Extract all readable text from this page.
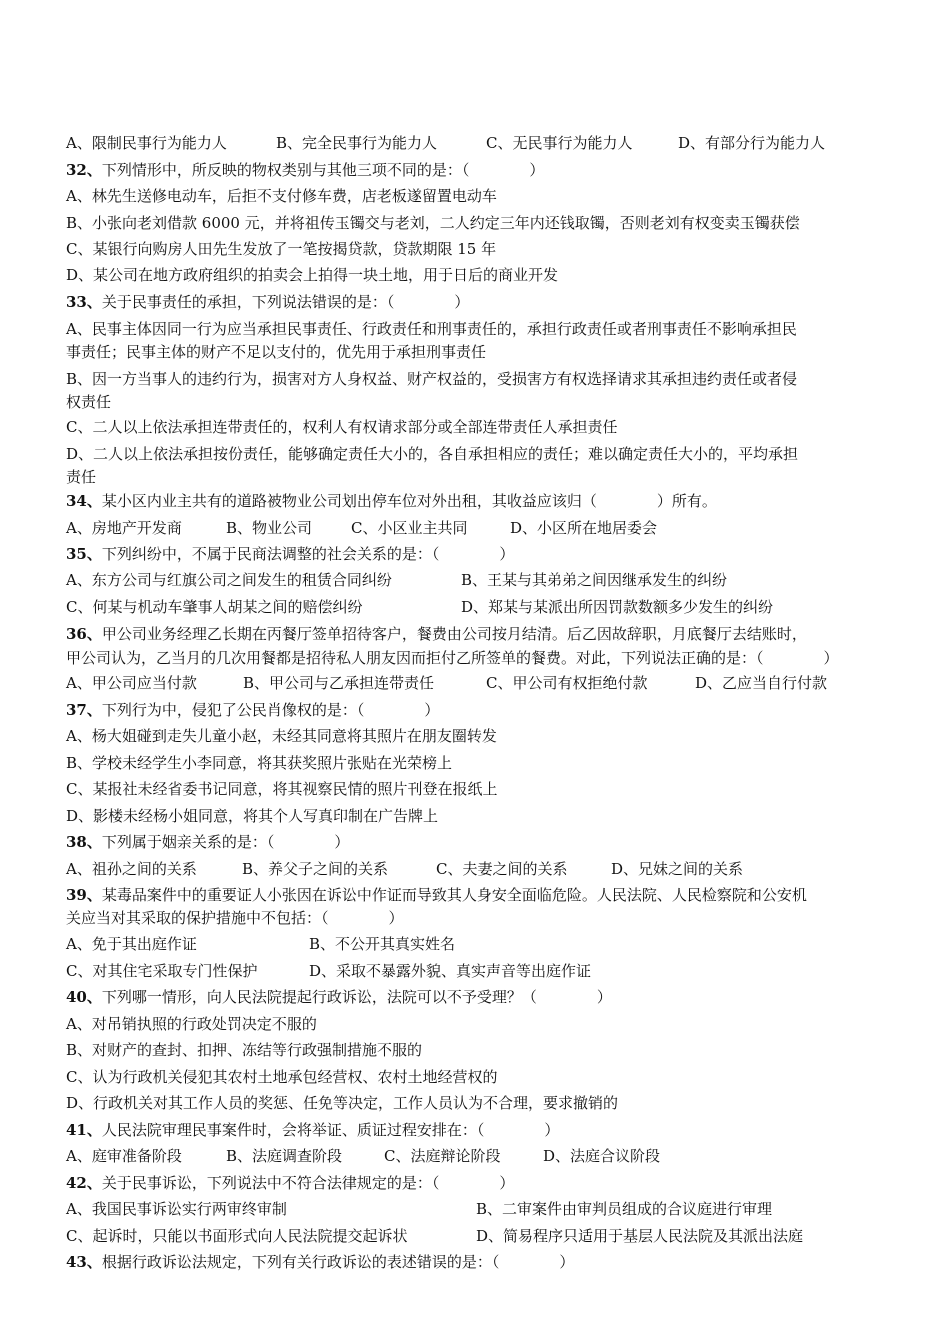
A、限制民事行为能力人	B、完全民事行为能力人	C、无民事行为能力人	D、有部分行为能力人
32、下列情形中，所反映的物权类别与其他三项不同的是：（　　　　）
A、林先生送修电动车，后拒不支付修车费，店老板遂留置电动车
B、小张向老刘借款 6000 元，并将祖传玉镯交与老刘，二人约定三年内还钱取镯，否则老刘有权变卖玉镯获偿
C、某银行向购房人田先生发放了一笔按揭贷款，贷款期限 15 年
D、某公司在地方政府组织的拍卖会上拍得一块土地，用于日后的商业开发
33、关于民事责任的承担，下列说法错误的是：（　　　　）
A、民事主体因同一行为应当承担民事责任、行政责任和刑事责任的，承担行政责任或者刑事责任不影响承担民
事责任；民事主体的财产不足以支付的，优先用于承担刑事责任
B、因一方当事人的违约行为，损害对方人身权益、财产权益的，受损害方有权选择请求其承担违约责任或者侵
权责任
C、二人以上依法承担连带责任的，权利人有权请求部分或全部连带责任人承担责任
D、二人以上依法承担按份责任，能够确定责任大小的，各自承担相应的责任；难以确定责任大小的，平均承担
责任
34、某小区内业主共有的道路被物业公司划出停车位对外出租，其收益应该归（　　　　）所有。
A、房地产开发商	B、物业公司	C、小区业主共同	D、小区所在地居委会
35、下列纠纷中，不属于民商法调整的社会关系的是：（　　　　）
A、东方公司与红旗公司之间发生的租赁合同纠纷	B、王某与其弟弟之间因继承发生的纠纷
C、何某与机动车肇事人胡某之间的赔偿纠纷	D、郑某与某派出所因罚款数额多少发生的纠纷
36、甲公司业务经理乙长期在丙餐厅签单招待客户，餐费由公司按月结清。后乙因故辞职，月底餐厅去结账时，
甲公司认为，乙当月的几次用餐都是招待私人朋友因而拒付乙所签单的餐费。对此，下列说法正确的是：（　　　　）
A、甲公司应当付款	B、甲公司与乙承担连带责任	C、甲公司有权拒绝付款	D、乙应当自行付款
37、下列行为中，侵犯了公民肖像权的是：（　　　　）
A、杨大姐碰到走失儿童小赵，未经其同意将其照片在朋友圈转发
B、学校未经学生小李同意，将其获奖照片张贴在光荣榜上
C、某报社未经省委书记同意，将其视察民情的照片刊登在报纸上
D、影楼未经杨小姐同意，将其个人写真印制在广告牌上
38、下列属于姻亲关系的是：（　　　　）
A、祖孙之间的关系	B、养父子之间的关系	C、夫妻之间的关系	D、兄妹之间的关系
39、某毒品案件中的重要证人小张因在诉讼中作证而导致其人身安全面临危险。人民法院、人民检察院和公安机
关应当对其采取的保护措施中不包括：（　　　　）
A、免于其出庭作证	B、不公开其真实姓名
C、对其住宅采取专门性保护	D、采取不暴露外貌、真实声音等出庭作证
40、下列哪一情形，向人民法院提起行政诉讼，法院可以不予受理？（　　　　）
A、对吊销执照的行政处罚决定不服的
B、对财产的查封、扣押、冻结等行政强制措施不服的
C、认为行政机关侵犯其农村土地承包经营权、农村土地经营权的
D、行政机关对其工作人员的奖惩、任免等决定，工作人员认为不合理，要求撤销的
41、人民法院审理民事案件时，会将举证、质证过程安排在：（　　　　）
A、庭审准备阶段	B、法庭调查阶段	C、法庭辩论阶段	D、法庭合议阶段
42、关于民事诉讼，下列说法中不符合法律规定的是：（　　　　）
A、我国民事诉讼实行两审终审制	B、二审案件由审判员组成的合议庭进行审理
C、起诉时，只能以书面形式向人民法院提交起诉状	D、简易程序只适用于基层人民法院及其派出法庭
43、根据行政诉讼法规定，下列有关行政诉讼的表述错误的是：（　　　　）
